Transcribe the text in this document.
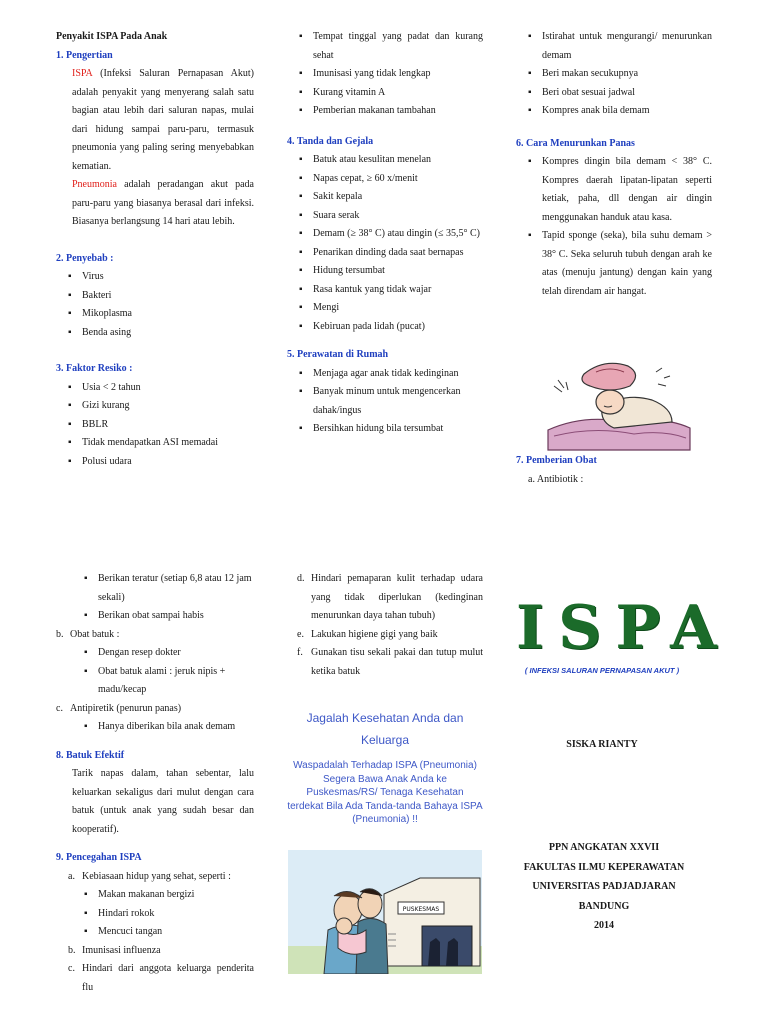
Penyakit ISPA Pada Anak
1. Pengertian

ISPA (Infeksi Saluran Pernapasan Akut) adalah penyakit yang menyerang salah satu bagian atau lebih dari saluran napas, mulai dari hidung sampai paru-paru, termasuk pneumonia yang paling sering menyebabkan kematian.

Pneumonia adalah peradangan akut pada paru-paru yang biasanya berasal dari infeksi. Biasanya berlangsung 14 hari atau lebih.

2. Penyebab :
▪ Virus
▪ Bakteri
▪ Mikoplasma
▪ Benda asing
3. Faktor Resiko :
▪ Usia < 2 tahun
▪ Gizi kurang
▪ BBLR
▪ Tidak mendapatkan ASI memadai
▪ Polusi udara
▪ Tempat tinggal yang padat dan kurang sehat
▪ Imunisasi yang tidak lengkap
▪ Kurang vitamin A
▪ Pemberian makanan tambahan
4. Tanda dan Gejala
▪ Batuk atau kesulitan menelan
▪ Napas cepat, ≥ 60 x/menit
▪ Sakit kepala
▪ Suara serak
▪ Demam (≥ 38° C) atau dingin (≤ 35,5° C)
▪ Penarikan dinding dada saat bernapas
▪ Hidung tersumbat
▪ Rasa kantuk yang tidak wajar
▪ Mengi
▪ Kebiruan pada lidah (pucat)
5. Perawatan di Rumah
▪ Menjaga agar anak tidak kedinginan
▪ Banyak minum untuk mengencerkan dahak/ingus
▪ Bersihkan hidung bila tersumbat
▪ Istirahat untuk mengurangi/ menurunkan demam
▪ Beri makan secukupnya
▪ Beri obat sesuai jadwal
▪ Kompres anak bila demam
6. Cara Menurunkan Panas
▪ Kompres dingin bila demam < 38° C. Kompres daerah lipatan-lipatan seperti ketiak, paha, dll dengan air dingin menggunakan handuk atau kasa.
▪ Tapid sponge (seka), bila suhu demam > 38° C. Seka seluruh tubuh dengan arah ke atas (menuju jantung) dengan kain yang telah direndam air hangat.
7. Pemberian Obat
a. Antibiotik :
▪ Berikan teratur (setiap 6,8 atau 12 jam sekali)
▪ Berikan obat sampai habis
b. Obat batuk :
▪ Dengan resep dokter
▪ Obat batuk alami : jeruk nipis + madu/kecap
c. Antipiretik (penurun panas)
▪ Hanya diberikan bila anak demam
8. Batuk Efektif

Tarik napas dalam, tahan sebentar, lalu keluarkan sekaligus dari mulut dengan cara batuk (untuk anak yang sudah besar dan kooperatif).

9. Pencegahan ISPA
a. Kebiasaan hidup yang sehat, seperti :
▪ Makan makanan bergizi
▪ Hindari rokok
▪ Mencuci tangan
b. Imunisasi influenza
c. Hindari dari anggota keluarga penderita flu
d. Hindari pemaparan kulit terhadap udara yang tidak diperlukan (kedinginan menurunkan daya tahan tubuh)
e. Lakukan higiene gigi yang baik
f. Gunakan tisu sekali pakai dan tutup mulut ketika batuk
Jagalah Kesehatan Anda dan Keluarga
Waspadalah Terhadap ISPA (Pneumonia) Segera Bawa Anak Anda ke Puskesmas/RS/ Tenaga Kesehatan terdekat Bila Ada Tanda-tanda Bahaya ISPA (Pneumonia) !!
PUSKESMAS
ISPA
( INFEKSI SALURAN PERNAPASAN AKUT )
SISKA RIANTY
PPN ANGKATAN XXVII
FAKULTAS ILMU KEPERAWATAN
UNIVERSITAS PADJADJARAN
BANDUNG
2014
